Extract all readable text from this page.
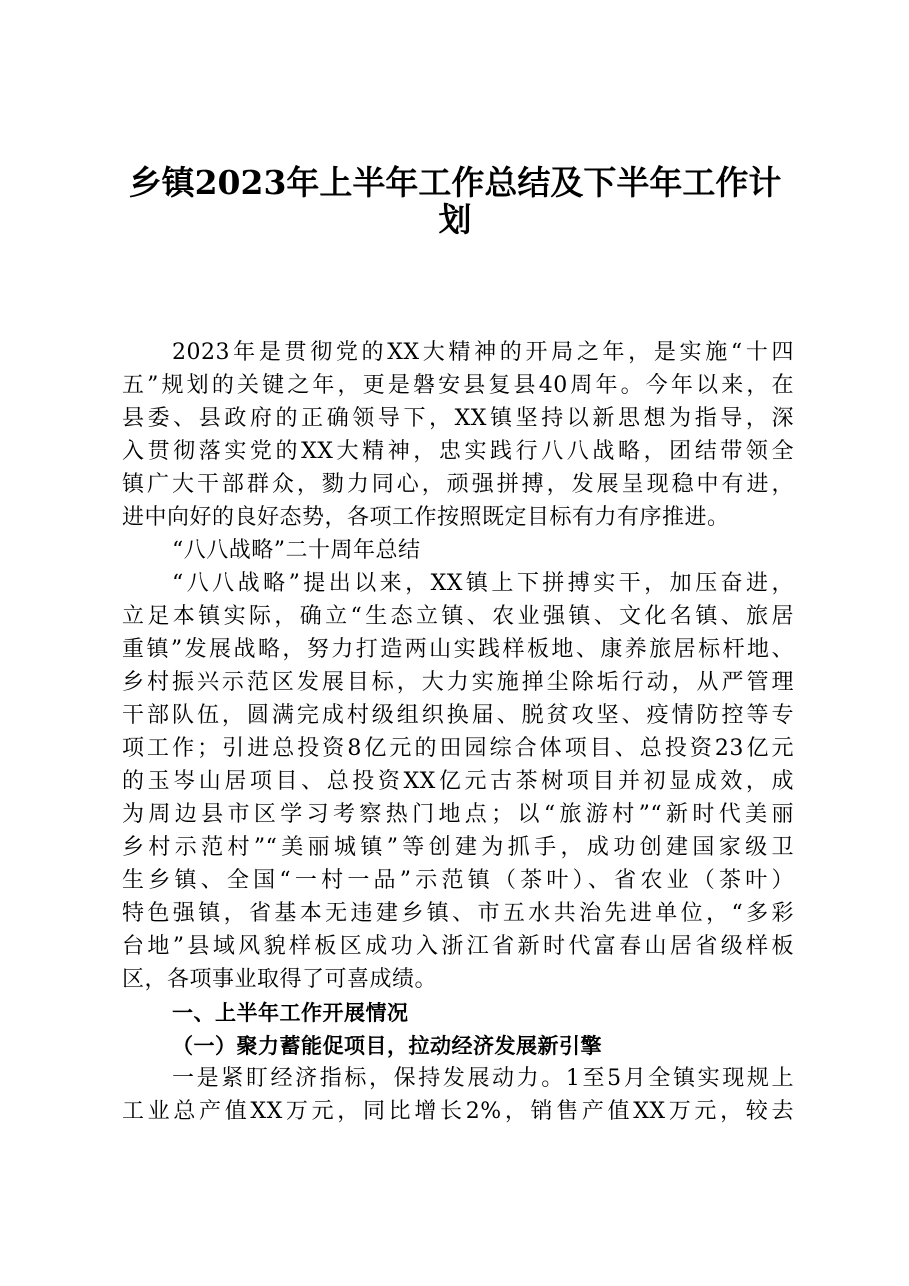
乡镇2023年上半年工作总结及下半年工作计
划

2023年是贯彻党的XX大精神的开局之年，是实施“十四

五”规划的关键之年，更是磐安县复县40周年。今年以来，在

县委、县政府的正确领导下，XX镇坚持以新思想为指导，深

入贯彻落实党的XX大精神，忠实践行八八战略，团结带领全

镇广大干部群众，勠力同心，顽强拼搏，发展呈现稳中有进，

进中向好的良好态势，各项工作按照既定目标有力有序推进。

“八八战略”二十周年总结

“八八战略”提出以来，XX镇上下拼搏实干，加压奋进，

立足本镇实际，确立“生态立镇、农业强镇、文化名镇、旅居

重镇”发展战略，努力打造两山实践样板地、康养旅居标杆地、

乡村振兴示范区发展目标，大力实施掸尘除垢行动，从严管理

干部队伍，圆满完成村级组织换届、脱贫攻坚、疫情防控等专

项工作；引进总投资8亿元的田园综合体项目、总投资23亿元

的玉岑山居项目、总投资XX亿元古茶树项目并初显成效，成

为周边县市区学习考察热门地点；以“旅游村”“新时代美丽

乡村示范村”“美丽城镇”等创建为抓手，成功创建国家级卫

生乡镇、全国“一村一品”示范镇（茶叶）、省农业（茶叶）

特色强镇，省基本无违建乡镇、市五水共治先进单位，“多彩

台地”县域风貌样板区成功入浙江省新时代富春山居省级样板

区，各项事业取得了可喜成绩。

一、上半年工作开展情况

（一）聚力蓄能促项目，拉动经济发展新引擎

一是紧盯经济指标，保持发展动力。1至5月全镇实现规上

工业总产值XX万元，同比增长2%，销售产值XX万元，较去
